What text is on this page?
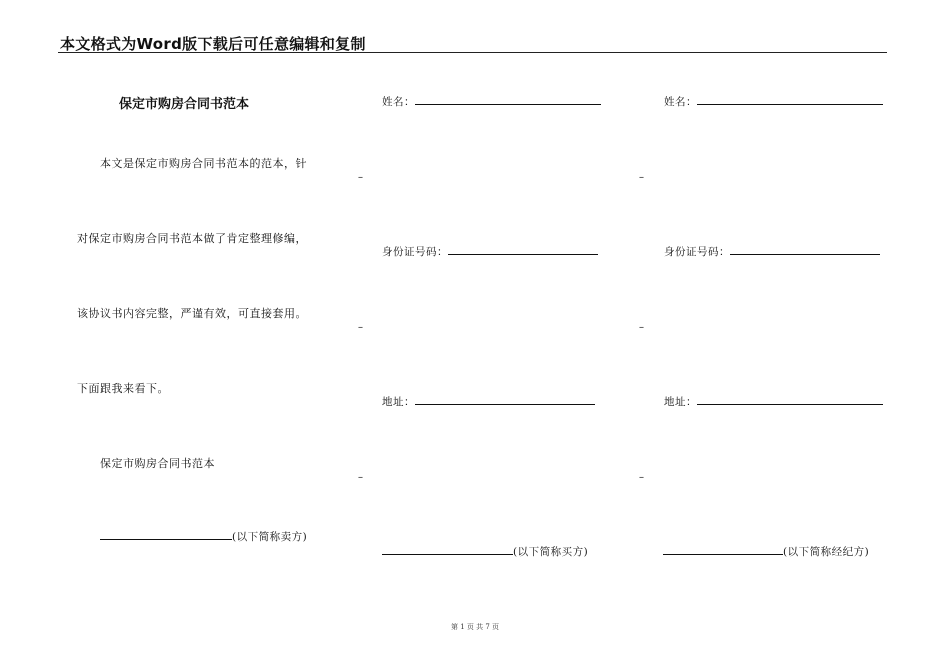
本文格式为Word版下载后可任意编辑和复制
保定市购房合同书范本
本文是保定市购房合同书范本的范本，针
对保定市购房合同书范本做了肯定整理修编，
该协议书内容完整，严谨有效，可直接套用。
下面跟我来看下。
保定市购房合同书范本
(以下简称卖方)
姓名：
–
身份证号码：
–
地址：
–
(以下简称买方)
姓名：
–
身份证号码：
–
地址：
–
(以下简称经纪方)
第 1 页 共 7 页
